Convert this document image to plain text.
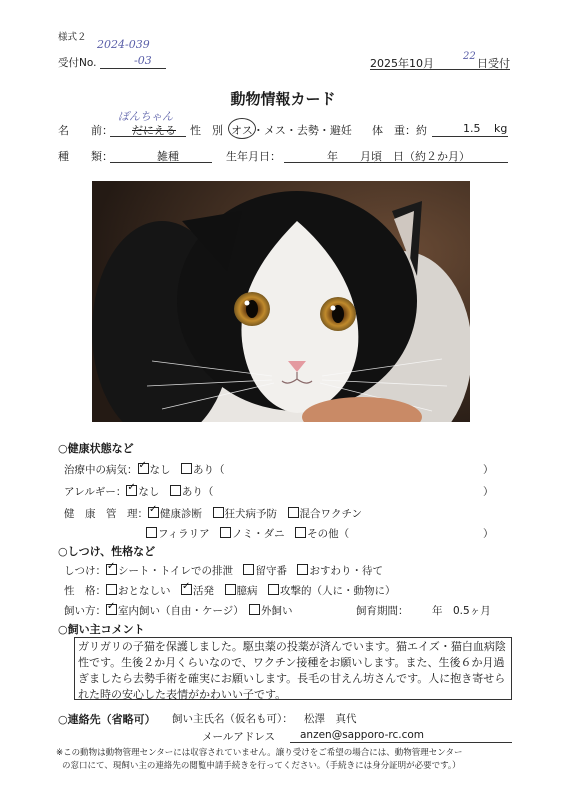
様式２
2024-039
受付No.	-03	2025年10月
22
日受付
動物情報カード
名　　前：
ぽんちゃん
だにえる 性　別 オス・メス・去勢・避妊 体　重：約	1.5 kg
種　　類：	雑種	生年月日：	年　　月頃　日（約２か月）
○健康状態など
治療中の病気： ✓ なし　 あり（	）
アレルギー： ✓ なし　 あり（	）
健　康　管　理： ✓ 健康診断　 狂犬病予防　 混合ワクチン
フィラリア　 ノミ・ダニ　 その他（	）
○しつけ、性格など
しつけ： ✓ シート・トイレでの排泄　 留守番　 おすわり・待て
性　格： おとなしい　 ✓ 活発　 臆病　 攻撃的（人に・動物に）
飼い方： ✓ 室内飼い（自由・ケージ）　 外飼い	飼育期間： 年　0.5ヶ月
○飼い主コメント
ガリガリの子猫を保護しました。駆虫薬の投薬が済んでいます。猫エイズ・猫白血病陰性です。生後２か月くらいなので、ワクチン接種をお願いします。また、生後６か月過ぎましたら去勢手術を確実にお願いします。長毛の甘えん坊さんです。人に抱き寄せられた時の安心した表情がかわいい子です。
○連絡先（省略可） 飼い主氏名（仮名も可）： 松澤　真代
メールアドレス anzen@sapporo-rc.com
※この動物は動物管理センターには収容されていません。譲り受けをご希望の場合には、動物管理センター
の窓口にて、現飼い主の連絡先の閲覧申請手続きを行ってください。（手続きには身分証明が必要です。）
